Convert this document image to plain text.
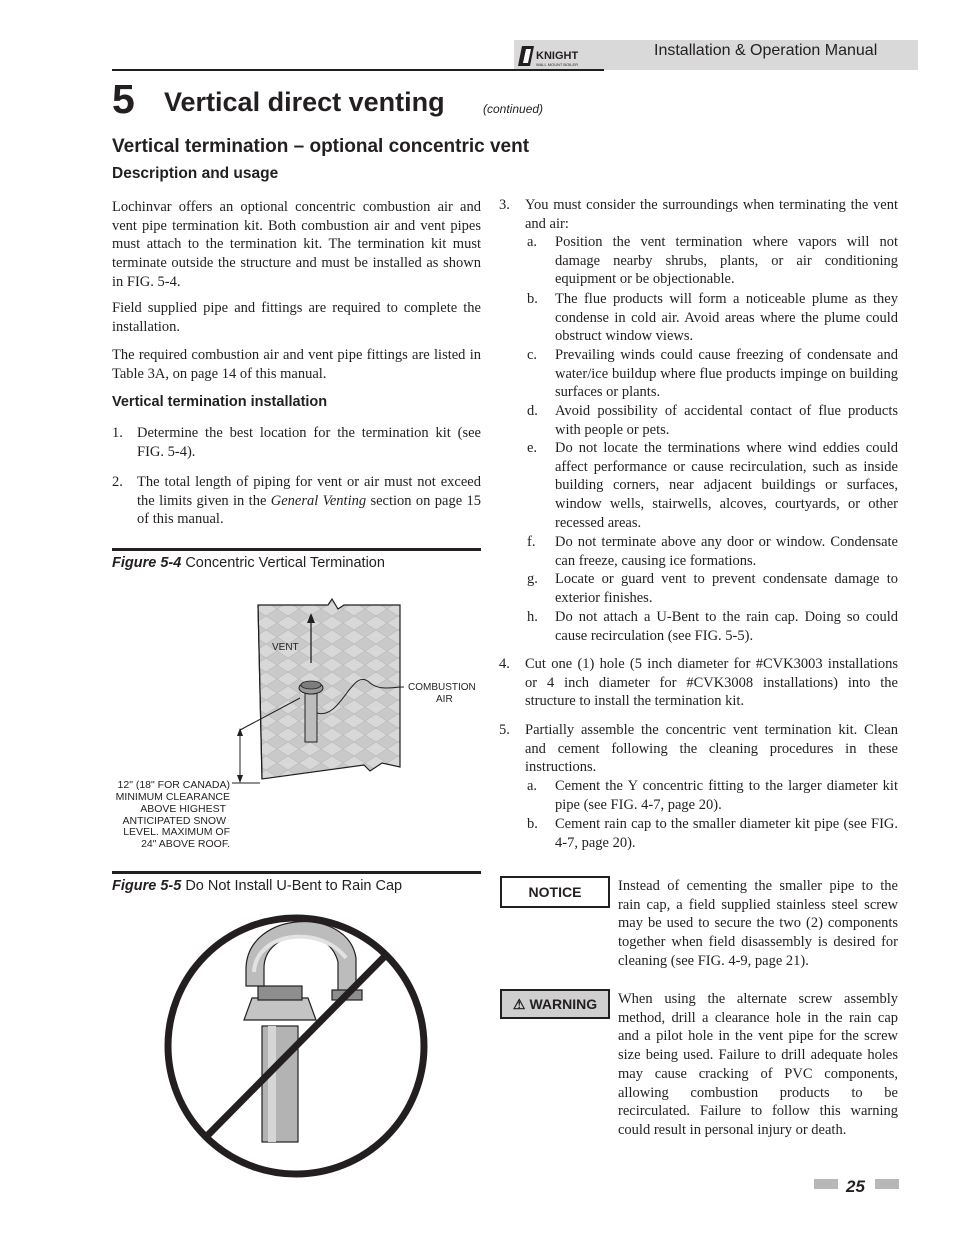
KNIGHT
WALL MOUNT BOILER
Installation & Operation Manual
5 Vertical direct venting	(continued)
Vertical termination – optional concentric vent
Description and usage

Lochinvar offers an optional concentric combustion air and vent pipe termination kit. Both combustion air and vent pipes must attach to the termination kit. The termination kit must terminate outside the structure and must be installed as shown in FIG. 5-4.

Field supplied pipe and fittings are required to complete the installation.

The required combustion air and vent pipe fittings are listed in Table 3A, on page 14 of this manual.

Vertical termination installation
1. Determine the best location for the termination kit (see FIG. 5-4).
2. The total length of piping for vent or air must not exceed the limits given in the General Venting section on page 15 of this manual.
Figure 5-4 Concentric Vertical Termination
VENT
COMBUSTION
AIR
12" (18" FOR CANADA)
MINIMUM CLEARANCE
ABOVE HIGHEST
ANTICIPATED SNOW
LEVEL. MAXIMUM OF
24" ABOVE ROOF.
Figure 5-5 Do Not Install U-Bent to Rain Cap
3. You must consider the surroundings when terminating the vent and air:
a. Position the vent termination where vapors will not damage nearby shrubs, plants, or air conditioning equipment or be objectionable.
b. The flue products will form a noticeable plume as they condense in cold air. Avoid areas where the plume could obstruct window views.
c. Prevailing winds could cause freezing of condensate and water/ice buildup where flue products impinge on building surfaces or plants.
d. Avoid possibility of accidental contact of flue products with people or pets.
e. Do not locate the terminations where wind eddies could affect performance or cause recirculation, such as inside building corners, near adjacent buildings or surfaces, window wells, stairwells, alcoves, courtyards, or other recessed areas.
f. Do not terminate above any door or window. Condensate can freeze, causing ice formations.
g. Locate or guard vent to prevent condensate damage to exterior finishes.
h. Do not attach a U-Bent to the rain cap. Doing so could cause recirculation (see FIG. 5-5).
4. Cut one (1) hole (5 inch diameter for #CVK3003 installations or 4 inch diameter for #CVK3008 installations) into the structure to install the termination kit.
5. Partially assemble the concentric vent termination kit. Clean and cement following the cleaning procedures in these instructions.
a. Cement the Y concentric fitting to the larger diameter kit pipe (see FIG. 4-7, page 20).
b. Cement rain cap to the smaller diameter kit pipe (see FIG. 4-7, page 20).
NOTICE	Instead of cementing the smaller pipe to the rain cap, a field supplied stainless steel screw may be used to secure the two (2) components together when field disassembly is desired for cleaning (see FIG. 4-9, page 21).

⚠ WARNING When using the alternate screw assembly method, drill a clearance hole in the rain cap and a pilot hole in the vent pipe for the screw size being used. Failure to drill adequate holes may cause cracking of PVC components, allowing combustion products to be recirculated. Failure to follow this warning could result in personal injury or death.

25
